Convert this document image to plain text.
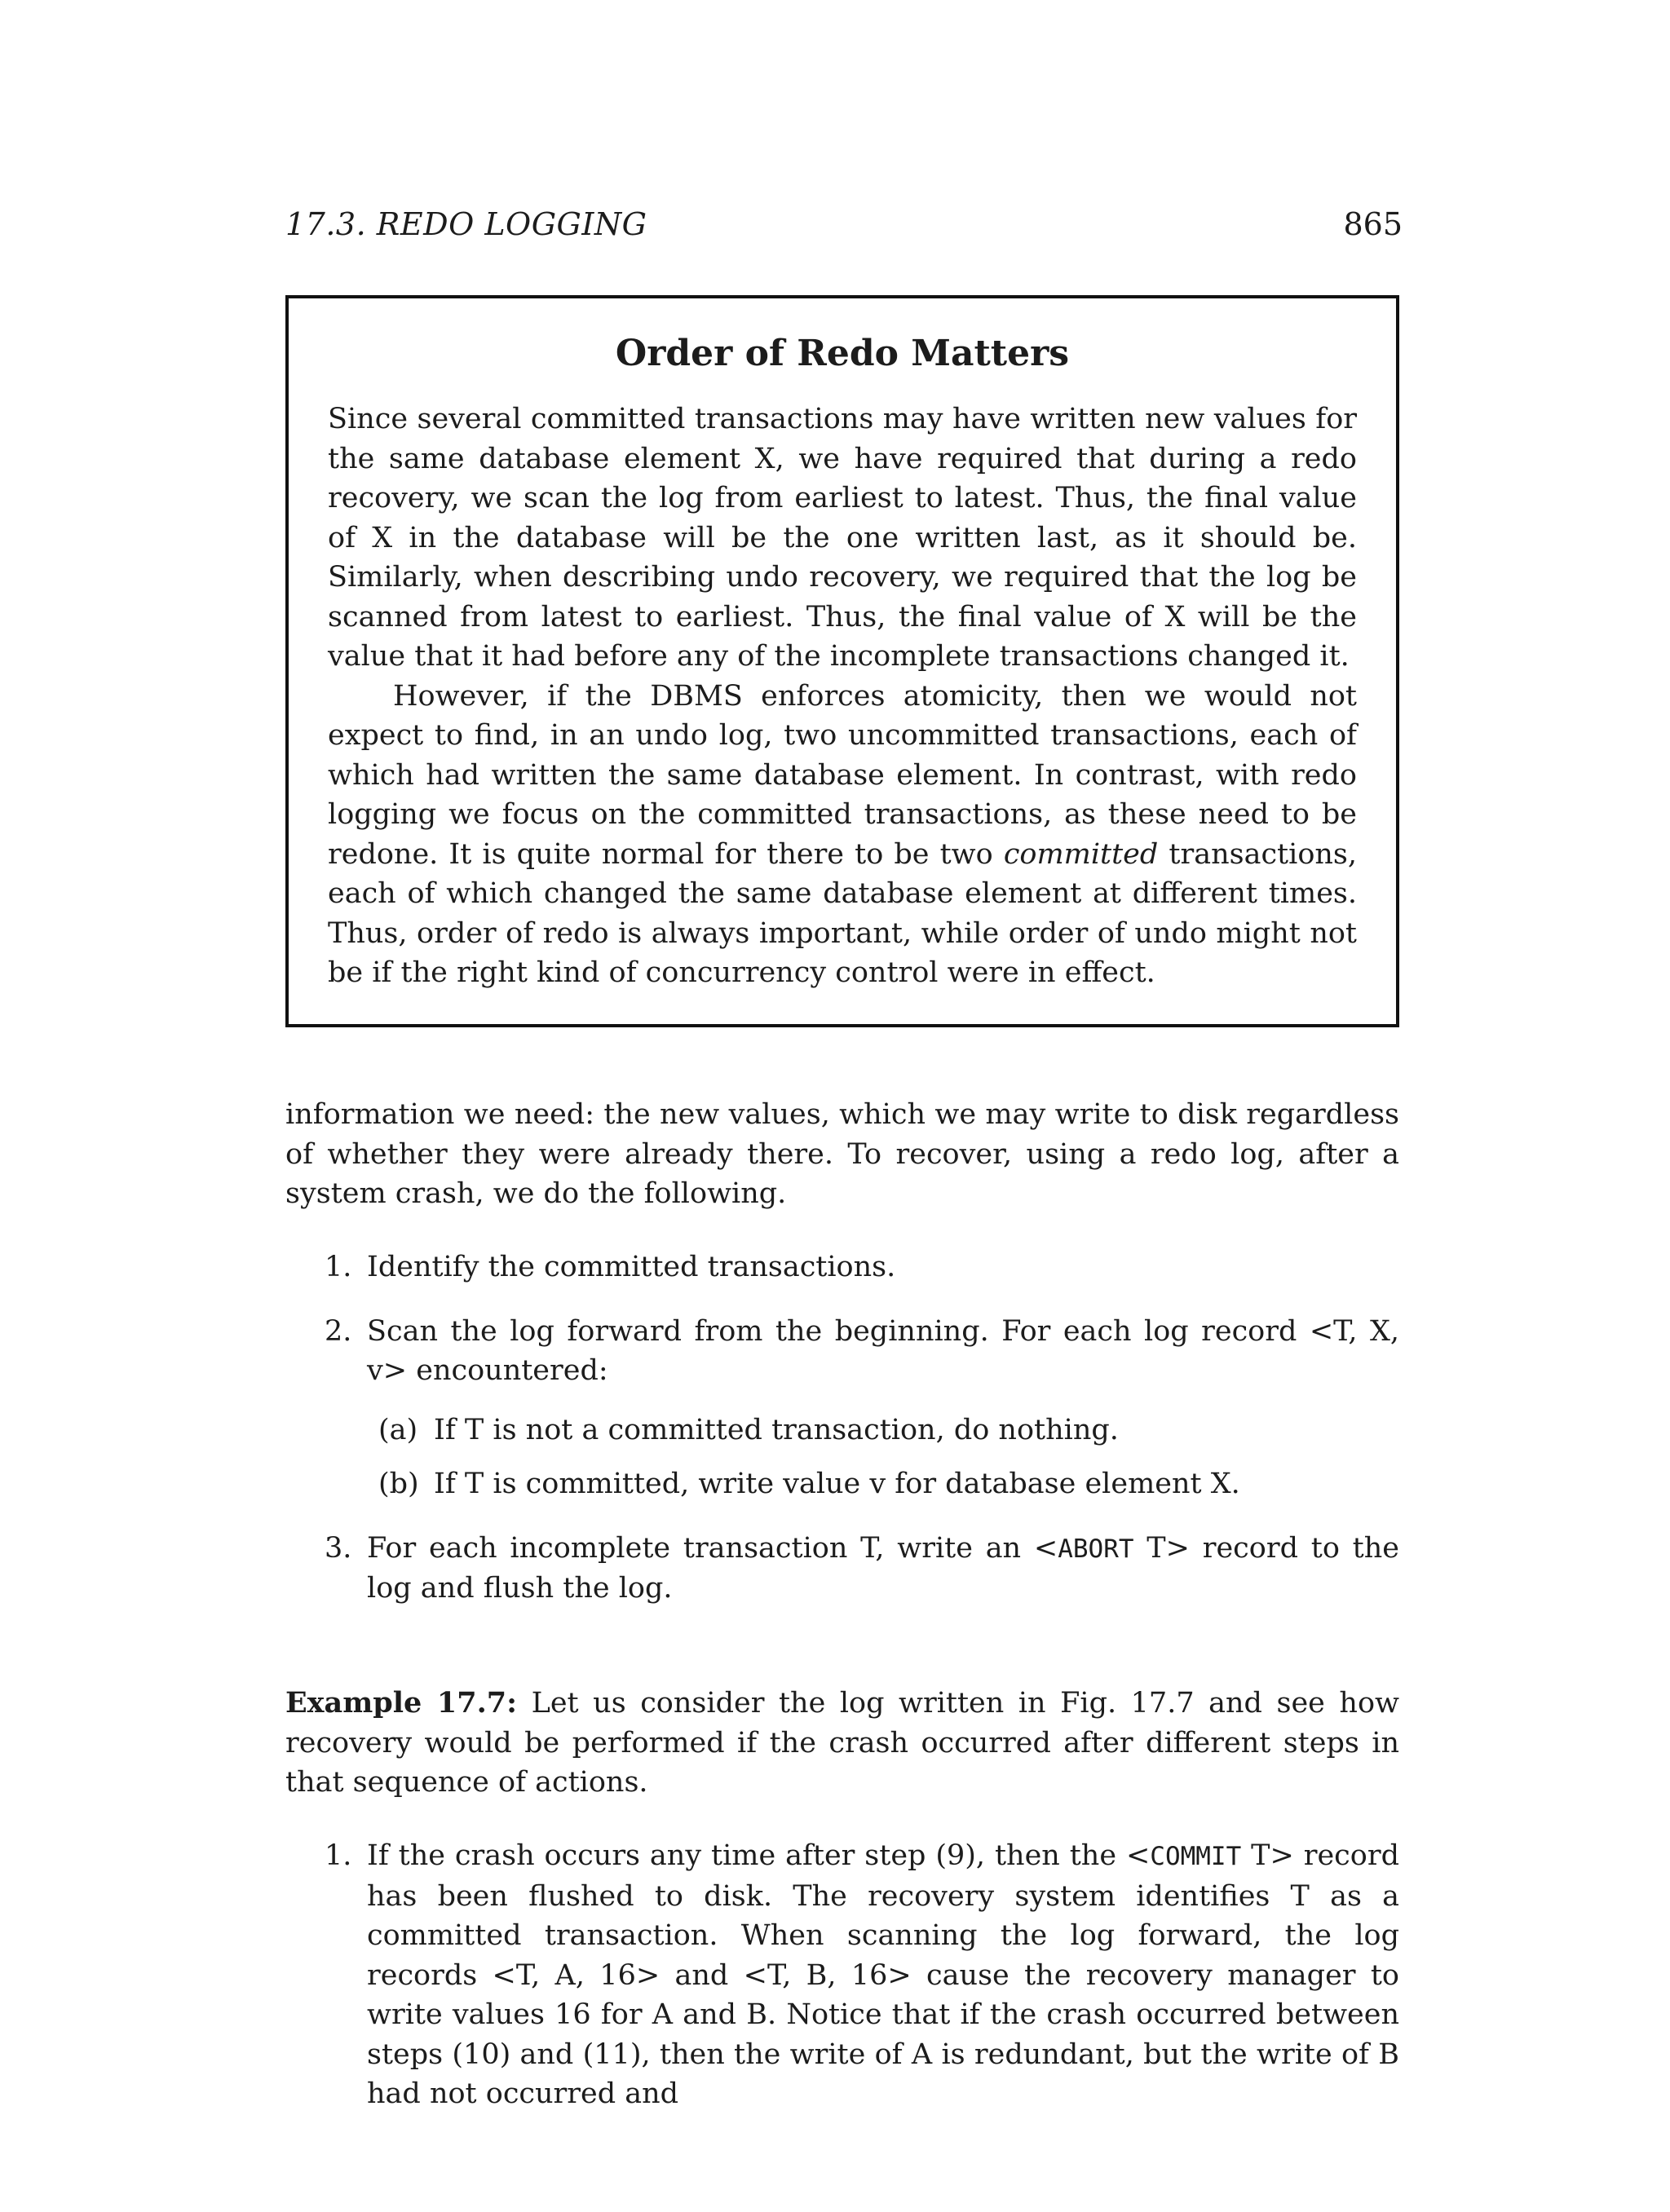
17.3. REDO LOGGING	865
Order of Redo Matters

Since several committed transactions may have written new values for the same database element X, we have required that during a redo recovery, we scan the log from earliest to latest. Thus, the final value of X in the database will be the one written last, as it should be. Similarly, when describing undo recovery, we required that the log be scanned from latest to earliest. Thus, the final value of X will be the value that it had before any of the incomplete transactions changed it.

However, if the DBMS enforces atomicity, then we would not expect to find, in an undo log, two uncommitted transactions, each of which had written the same database element. In contrast, with redo logging we focus on the committed transactions, as these need to be redone. It is quite normal for there to be two committed transactions, each of which changed the same database element at different times. Thus, order of redo is always important, while order of undo might not be if the right kind of concurrency control were in effect.

information we need: the new values, which we may write to disk regardless of whether they were already there. To recover, using a redo log, after a system crash, we do the following.

1. Identify the committed transactions.
2. Scan the log forward from the beginning. For each log record <T, X, v> encountered:
(a) If T is not a committed transaction, do nothing.
(b) If T is committed, write value v for database element X.
3. For each incomplete transaction T, write an <ABORT T> record to the log and flush the log.

Example 17.7: Let us consider the log written in Fig. 17.7 and see how recovery would be performed if the crash occurred after different steps in that sequence of actions.

1. If the crash occurs any time after step (9), then the <COMMIT T> record has been flushed to disk. The recovery system identifies T as a committed transaction. When scanning the log forward, the log records <T, A, 16> and <T, B, 16> cause the recovery manager to write values 16 for A and B. Notice that if the crash occurred between steps (10) and (11), then the write of A is redundant, but the write of B had not occurred and
